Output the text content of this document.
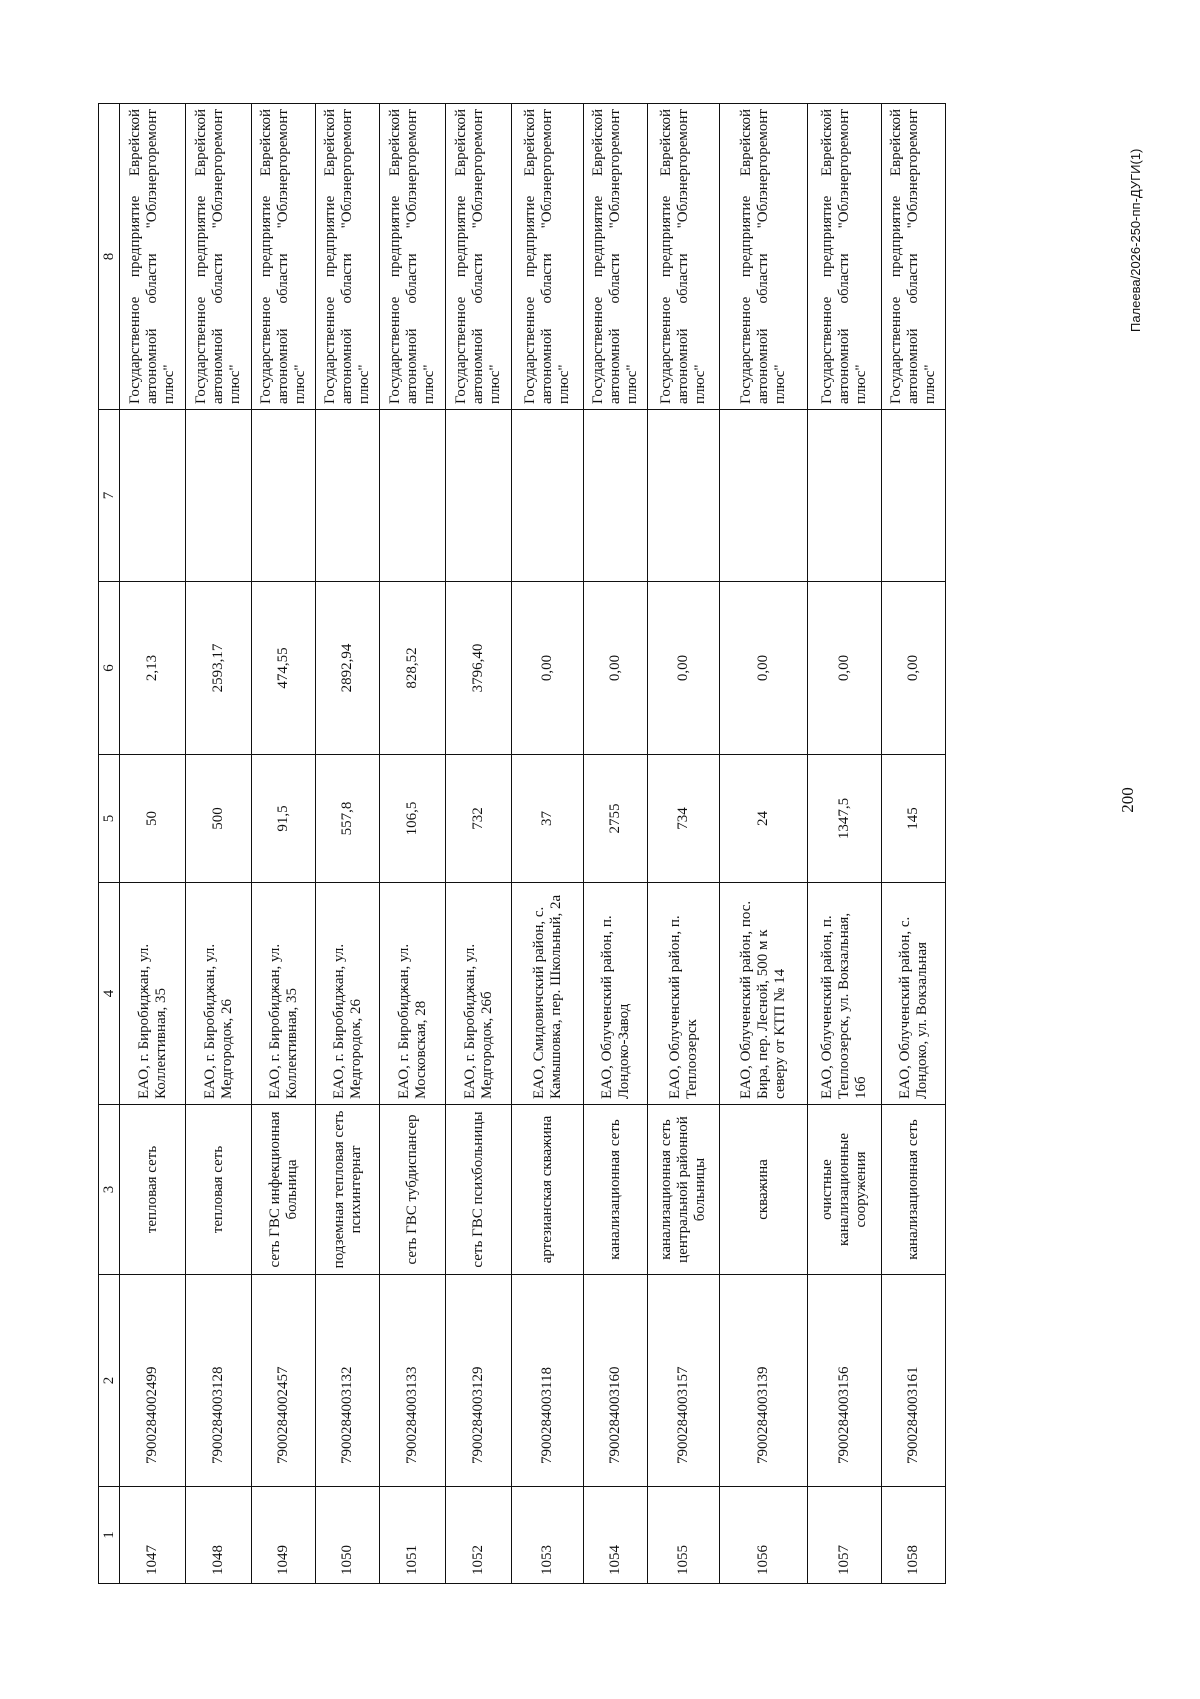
1	2	3	4	5	6	7	8
1047	7900284002499	тепловая сеть	ЕАО, г. Биробиджан, ул. Коллективная, 35	50	2,13		Государственное предприятие Еврейской автономной области "Облэнергоремонт плюс"
1048	7900284003128	тепловая сеть	ЕАО, г. Биробиджан, ул. Медгородок, 26	500	2593,17		Государственное предприятие Еврейской автономной области "Облэнергоремонт плюс"
1049	7900284002457	сеть ГВС инфекционная больница	ЕАО, г. Биробиджан, ул. Коллективная, 35	91,5	474,55		Государственное предприятие Еврейской автономной области "Облэнергоремонт плюс"
1050	7900284003132	подземная тепловая сеть психинтернат	ЕАО, г. Биробиджан, ул. Медгородок, 26	557,8	2892,94		Государственное предприятие Еврейской автономной области "Облэнергоремонт плюс"
1051	7900284003133	сеть ГВС тубдиспансер	ЕАО, г. Биробиджан, ул. Московская, 28	106,5	828,52		Государственное предприятие Еврейской автономной области "Облэнергоремонт плюс"
1052	7900284003129	сеть ГВС психбольницы	ЕАО, г. Биробиджан, ул. Медгородок, 26б	732	3796,40		Государственное предприятие Еврейской автономной области "Облэнергоремонт плюс"
1053	7900284003118	артезианская скважина	ЕАО, Смидовичский район, с. Камышовка, пер. Школьный, 2а	37	0,00		Государственное предприятие Еврейской автономной области "Облэнергоремонт плюс"
1054	7900284003160	канализационная сеть	ЕАО, Облученский район, п. Лондоко-Завод	2755	0,00		Государственное предприятие Еврейской автономной области "Облэнергоремонт плюс"
1055	7900284003157	канализационная сеть центральной районной больницы	ЕАО, Облученский район, п. Теплоозерск	734	0,00		Государственное предприятие Еврейской автономной области "Облэнергоремонт плюс"
1056	7900284003139	скважина	ЕАО, Облученский район, пос. Бира, пер. Лесной, 500 м к северу от КТП № 14	24	0,00		Государственное предприятие Еврейской автономной области "Облэнергоремонт плюс"
1057	7900284003156	очистные канализационные сооружения	ЕАО, Облученский район, п. Теплоозерск, ул. Вокзальная, 16б	1347,5	0,00		Государственное предприятие Еврейской автономной области "Облэнергоремонт плюс"
1058	7900284003161	канализационная сеть	ЕАО, Облученский район, с. Лондоко, ул. Вокзальная	145	0,00		Государственное предприятие Еврейской автономной области "Облэнергоремонт плюс"
200
Палеева/2026-250-пп-ДУГИ(1)
